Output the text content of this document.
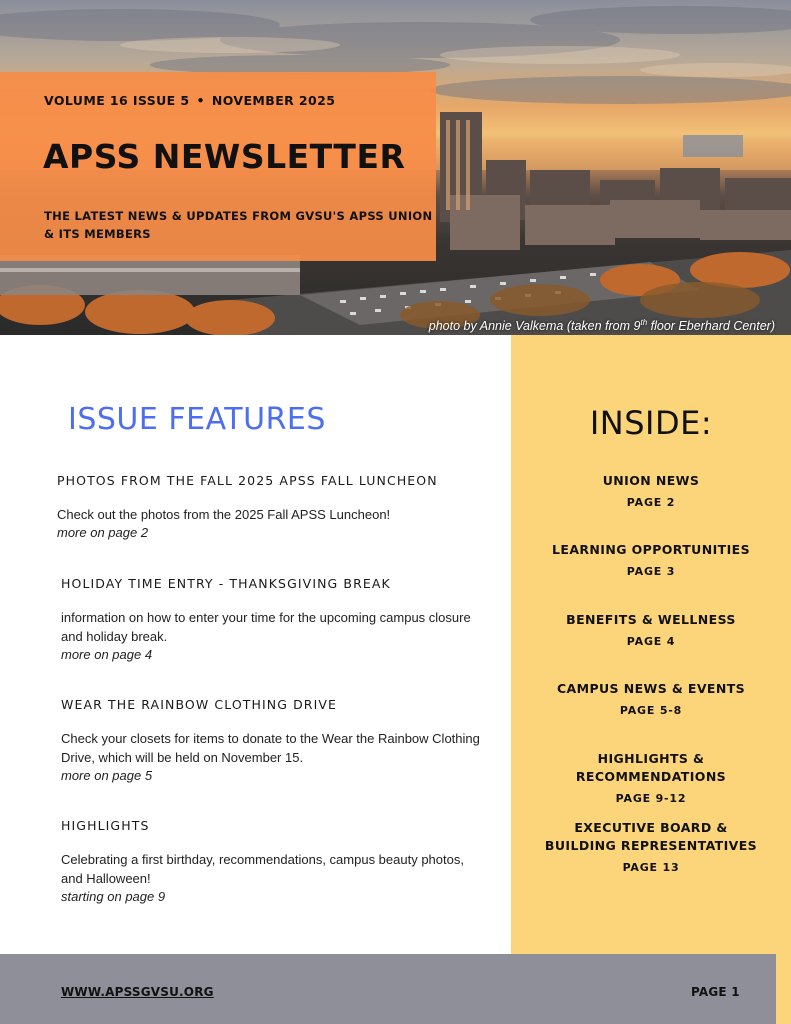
photo by Annie Valkema (taken from 9th floor Eberhard Center)
VOLUME 16 ISSUE 5 • NOVEMBER 2025
APSS NEWSLETTER
THE LATEST NEWS & UPDATES FROM GVSU'S APSS UNION & ITS MEMBERS
ISSUE FEATURES
PHOTOS FROM THE FALL 2025 APSS FALL LUNCHEON
Check out the photos from the 2025 Fall APSS Luncheon!
more on page 2
HOLIDAY TIME ENTRY - THANKSGIVING BREAK
information on how to enter your time for the upcoming campus closure and holiday break.
more on page 4
WEAR THE RAINBOW CLOTHING DRIVE
Check your closets for items to donate to the Wear the Rainbow Clothing Drive, which will be held on November 15.
more on page 5
HIGHLIGHTS
Celebrating a first birthday, recommendations, campus beauty photos, and Halloween!
starting on page 9
INSIDE:
UNION NEWS
PAGE 2
LEARNING OPPORTUNITIES
PAGE 3
BENEFITS & WELLNESS
PAGE 4
CAMPUS NEWS & EVENTS
PAGE 5-8
HIGHLIGHTS & RECOMMENDATIONS
PAGE 9-12
EXECUTIVE BOARD & BUILDING REPRESENTATIVES
PAGE 13
WWW.APSSGVSU.ORG	PAGE 1
